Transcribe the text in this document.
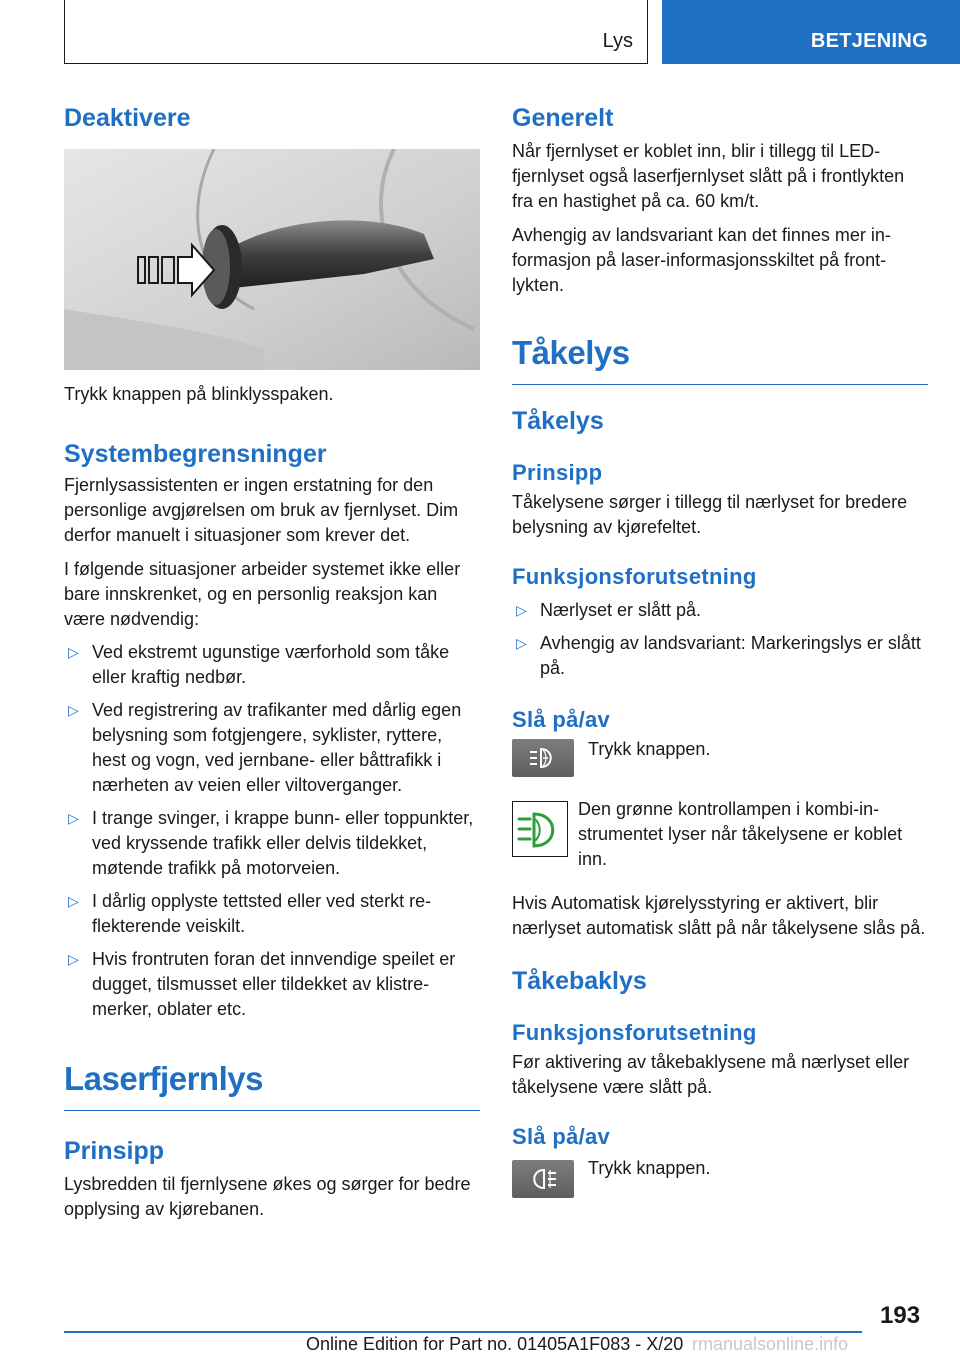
Lys	BETJENING
Deaktivere

Trykk knappen på blinklysspaken.

Systembegrensninger

Fjernlysassistenten er ingen erstatning for den personlige avgjørelsen om bruk av fjernlyset. Dim derfor manuelt i situasjoner som krever det.

I følgende situasjoner arbeider systemet ikke eller bare innskrenket, og en personlig reaksjon kan være nødvendig:

▷ Ved ekstremt ugunstige værforhold som tåke eller kraftig nedbør.
▷ Ved registrering av trafikanter med dårlig egen belysning som fotgjengere, syklister, ryttere, hest og vogn, ved jernbane- eller båttrafikk i nærheten av veien eller viltoverganger.
▷ I trange svinger, i krappe bunn- eller toppunkter, ved kryssende trafikk eller delvis tildekket, møtende trafikk på motorveien.
▷ I dårlig opplyste tettsted eller ved sterkt reflekterende veiskilt.
▷ Hvis frontruten foran det innvendige speilet er dugget, tilsmusset eller tildekket av klistremerker, oblater etc.
Laserfjernlys
Prinsipp

Lysbredden til fjernlysene økes og sørger for bedre opplysing av kjørebanen.

Generelt

Når fjernlyset er koblet inn, blir i tillegg til LED-fjernlyset også laserfjernlyset slått på i frontlykten fra en hastighet på ca. 60 km/t.

Avhengig av landsvariant kan det finnes mer informasjon på laser-informasjonsskiltet på frontlykten.

Tåkelys
Tåkelys
Prinsipp

Tåkelysene sørger i tillegg til nærlyset for bredere belysning av kjørefeltet.

Funksjonsforutsetning
▷ Nærlyset er slått på.
▷ Avhengig av landsvariant: Markeringslys er slått på.
Slå på/av

Trykk knappen.

Den grønne kontrollampen i kombi-instrumentet lyser når tåkelysene er koblet inn.

Hvis Automatisk kjørelysstyring er aktivert, blir nærlyset automatisk slått på når tåkelysene slås på.

Tåkebaklys
Funksjonsforutsetning

Før aktivering av tåkebaklysene må nærlyset eller tåkelysene være slått på.

Slå på/av

Trykk knappen.

193
Online Edition for Part no. 01405A1F083 - X/20 rmanualsonline.info
